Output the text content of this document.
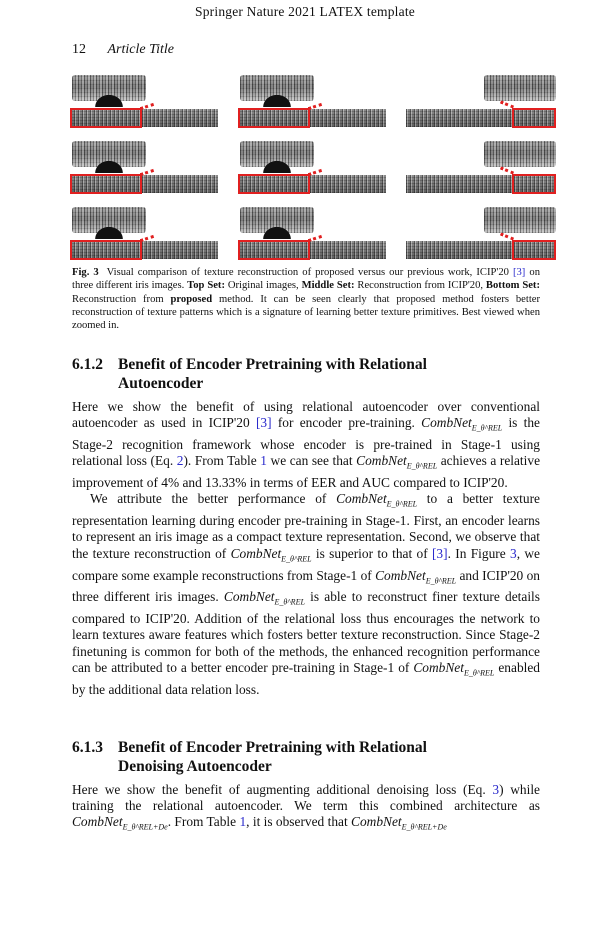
Springer Nature 2021 LATEX template
12 Article Title
Fig. 3 Visual comparison of texture reconstruction of proposed versus our previous work, ICIP'20 [3] on three different iris images. Top Set: Original images, Middle Set: Reconstruction from ICIP'20, Bottom Set: Reconstruction from proposed method. It can be seen clearly that proposed method fosters better reconstruction of texture patterns which is a signature of learning better texture primitives. Best viewed when zoomed in.
6.1.2 Benefit of Encoder Pretraining with Relational
Autoencoder

Here we show the benefit of using relational autoencoder over conventional autoencoder as used in ICIP'20 [3] for encoder pre-training. CombNet$_{E\_\theta\^{}REL}$ is the Stage-2 recognition framework whose encoder is pre-trained in Stage-1 using relational loss (Eq. 2). From Table 1 we can see that CombNet$_{E\_\theta\^{}REL}$ achieves a relative improvement of 4% and 13.33% in terms of EER and AUC compared to ICIP'20.

We attribute the better performance of CombNet$_{E\_\theta\^{}REL}$ to a better texture representation learning during encoder pre-training in Stage-1. First, an encoder learns to represent an iris image as a compact texture representation. Second, we observe that the texture reconstruction of CombNet$_{E\_\theta\^{}REL}$ is superior to that of [3]. In Figure 3, we compare some example reconstructions from Stage-1 of CombNet$_{E\_\theta\^{}REL}$ and ICIP'20 on three different iris images. CombNet$_{E\_\theta\^{}REL}$ is able to reconstruct finer texture details compared to ICIP'20. Addition of the relational loss thus encourages the network to learn textures aware features which fosters better texture reconstruction. Since Stage-2 finetuning is common for both of the methods, the enhanced recognition performance can be attributed to a better encoder pre-training in Stage-1 of CombNet$_{E\_\theta\^{}REL}$ enabled by the additional data relation loss.

6.1.3 Benefit of Encoder Pretraining with Relational
Denoising Autoencoder

Here we show the benefit of augmenting additional denoising loss (Eq. 3) while training the relational autoencoder. We term this combined architecture as CombNet$_{E\_\theta\^{}REL+De}$. From Table 1, it is observed that CombNet$_{E\_\theta\^{}REL+De}$
